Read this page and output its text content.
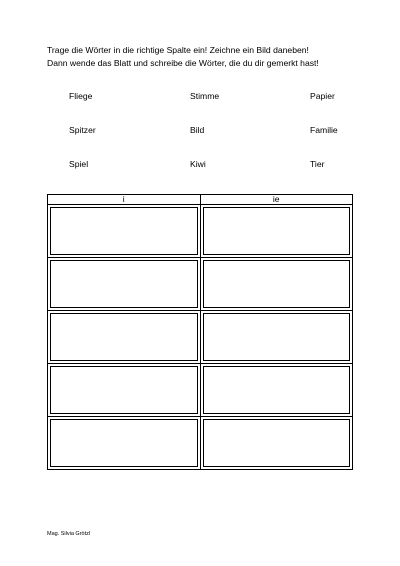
Trage die Wörter in die richtige Spalte ein! Zeichne ein Bild daneben!
Dann wende das Blatt und schreibe die Wörter, die du dir gemerkt hast!
Fliege	Stimme	Papier
Spitzer	Bild	Familie
Spiel	Kiwi	Tier
i	ie

Mag. Silvia Grötzl
